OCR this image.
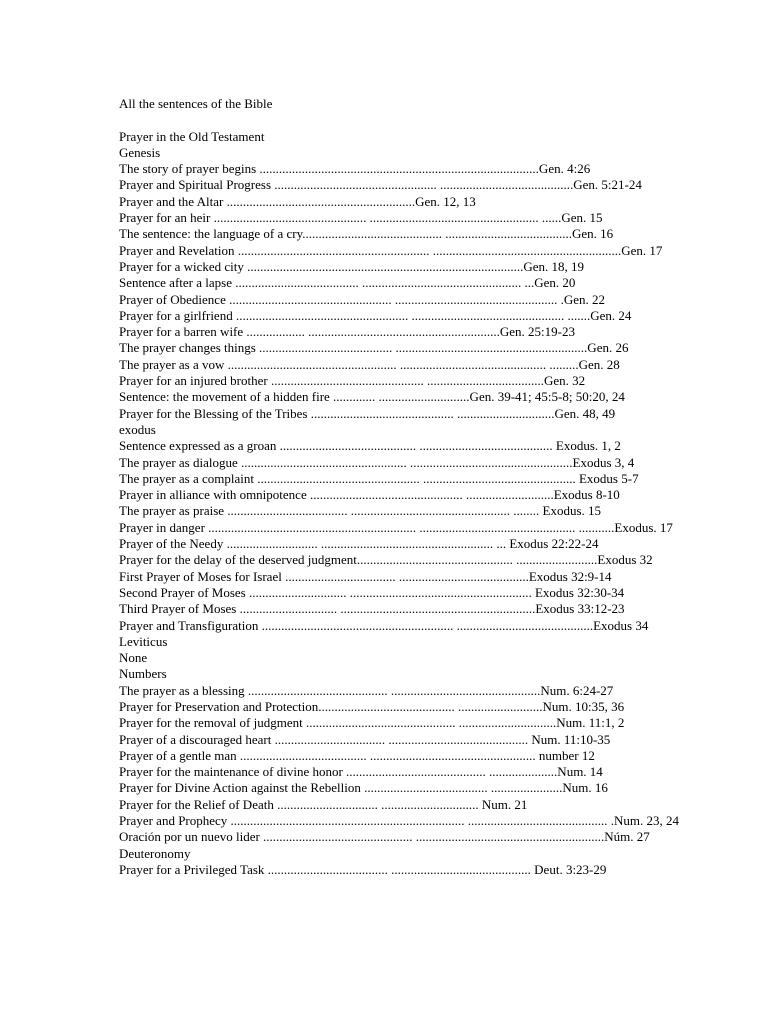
All the sentences of the Bible
Prayer in the Old Testament
Genesis
The story of prayer begins ......................................................................................Gen. 4:26
Prayer and Spiritual Progress .................................................. .........................................Gen. 5:21-24
Prayer and the Altar ..........................................................Gen. 12, 13
Prayer for an heir ............................................... .................................................... ......Gen. 15
The sentence: the language of a cry........................................... .......................................Gen. 16
Prayer and Revelation ........................................................... ..........................................................Gen. 17
Prayer for a wicked city .....................................................................................Gen. 18, 19
Sentence after a lapse ...................................... ................................................. ...Gen. 20
Prayer of Obedience .................................................. .................................................. .Gen. 22
Prayer for a girlfriend ..................................................... ............................................... .......Gen. 24
Prayer for a barren wife .................. ...........................................................Gen. 25:19-23
The prayer changes things ......................................... ...........................................................Gen. 26
The prayer as a vow .................................................... ............................................. .........Gen. 28
Prayer for an injured brother ............................................... ....................................Gen. 32
Sentence: the movement of a hidden fire ............. ............................Gen. 39-41; 45:5-8; 50:20, 24
Prayer for the Blessing of the Tribes ............................................ ..............................Gen. 48, 49
exodus
Sentence expressed as a groan .......................................... ......................................... Exodus. 1, 2
The prayer as dialogue ................................................... ..................................................Exodus 3, 4
The prayer as a complaint .................................................. ............................................... Exodus 5-7
Prayer in alliance with omnipotence ............................................... ...........................Exodus 8-10
The prayer as praise ..................................... ................................................. ........ Exodus. 15
Prayer in danger ................................................................ ................................................ ...........Exodus. 17
Prayer of the Needy ............................ ..................................................... ... Exodus 22:22-24
Prayer for the delay of the deserved judgment................................................ .........................Exodus 32
First Prayer of Moses for Israel .................................. ........................................Exodus 32:9-14
Second Prayer of Moses .............................. ........................................................ Exodus 32:30-34
Third Prayer of Moses .............................. ............................................................Exodus 33:12-23
Prayer and Transfiguration ........................................................... ..........................................Exodus 34
Leviticus
None
Numbers
The prayer as a blessing ........................................... ..............................................Num. 6:24-27
Prayer for Preservation and Protection.......................................... ..........................Num. 10:35, 36
Prayer for the removal of judgment .............................................. ..............................Num. 11:1, 2
Prayer of a discouraged heart .................................. ........................................... Num. 11:10-35
Prayer of a gentle man ....................................... ................................................... number 12
Prayer for the maintenance of divine honor ........................................... .....................Num. 14
Prayer for Divine Action against the Rebellion ...................................... ......................Num. 16
Prayer for the Relief of Death ............................... .............................. Num. 21
Prayer and Prophecy ........................................................................ ........................................... .Num. 23, 24
Oración por un nuevo lider .............................................. ..........................................................Núm. 27
Deuteronomy
Prayer for a Privileged Task ..................................... ........................................... Deut. 3:23-29
